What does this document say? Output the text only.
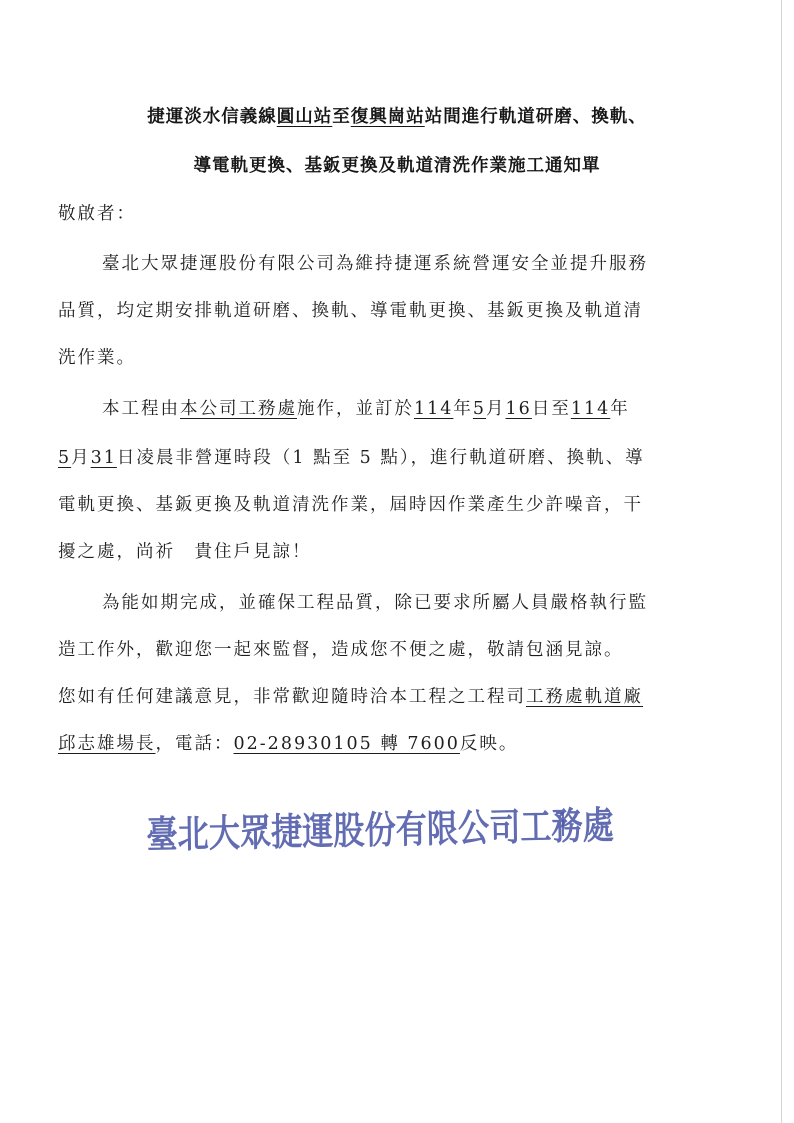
捷運淡水信義線圓山站至復興崗站站間進行軌道研磨、換軌、
導電軌更換、基鈑更換及軌道清洗作業施工通知單
敬啟者：
臺北大眾捷運股份有限公司為維持捷運系統營運安全並提升服務
品質，均定期安排軌道研磨、換軌、導電軌更換、基鈑更換及軌道清
洗作業。
本工程由本公司工務處施作，並訂於114年5月16日至114年
5月31日凌晨非營運時段（1 點至 5 點），進行軌道研磨、換軌、導
電軌更換、基鈑更換及軌道清洗作業，屆時因作業產生少許噪音，干
擾之處，尚祈　貴住戶見諒！
為能如期完成，並確保工程品質，除已要求所屬人員嚴格執行監
造工作外，歡迎您一起來監督，造成您不便之處，敬請包涵見諒。
您如有任何建議意見，非常歡迎隨時洽本工程之工程司工務處軌道廠
邱志雄場長，電話：02-28930105 轉 7600反映。
臺北大眾捷運股份有限公司工務處
